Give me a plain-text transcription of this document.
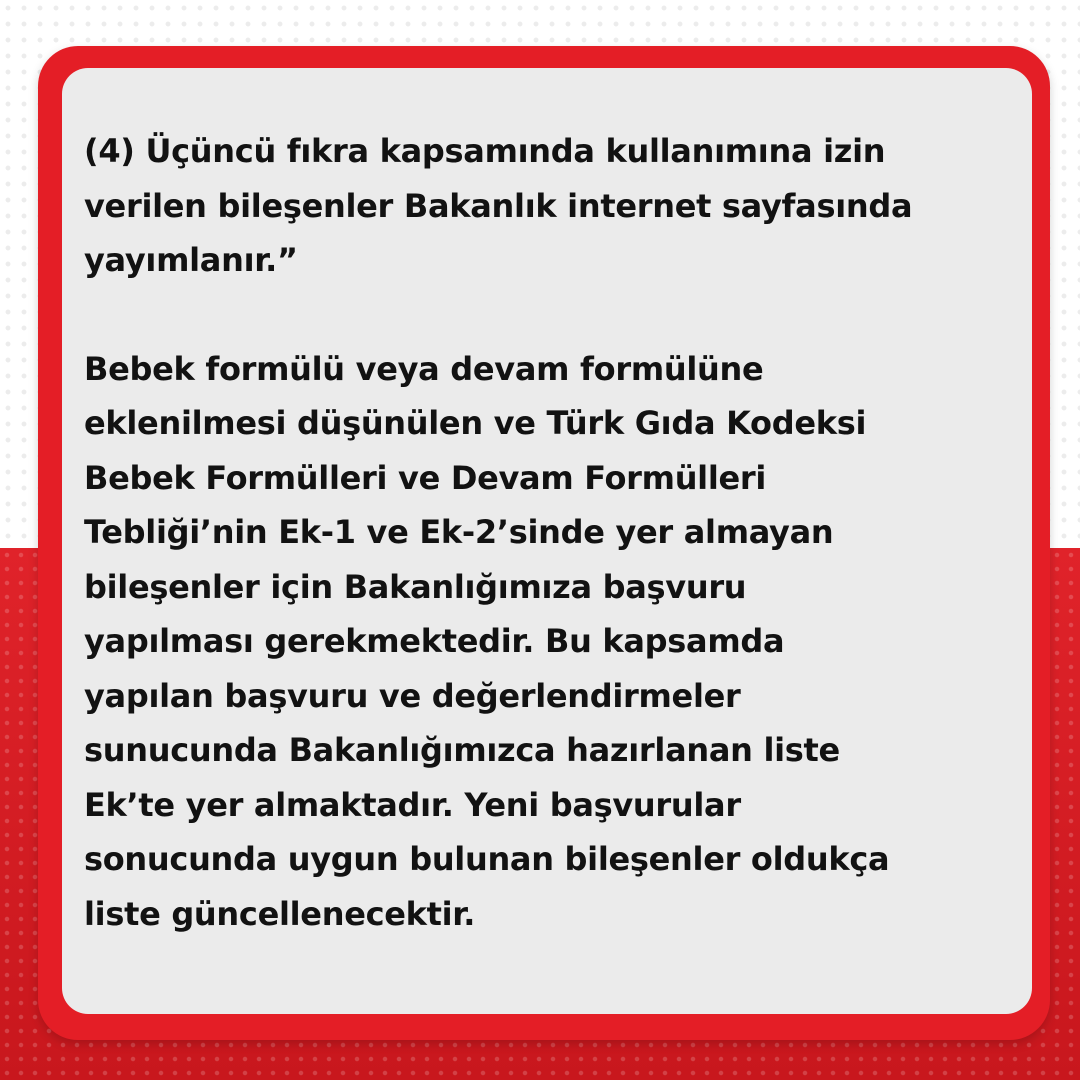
(4) Üçüncü fıkra kapsamında kullanımına izin
verilen bileşenler Bakanlık internet sayfasında
yayımlanır.”

Bebek formülü veya devam formülüne
eklenilmesi düşünülen ve Türk Gıda Kodeksi
Bebek Formülleri ve Devam Formülleri
Tebliği’nin Ek-1 ve Ek-2’sinde yer almayan
bileşenler için Bakanlığımıza başvuru
yapılması gerekmektedir. Bu kapsamda
yapılan başvuru ve değerlendirmeler
sunucunda Bakanlığımızca hazırlanan liste
Ek’te yer almaktadır. Yeni başvurular
sonucunda uygun bulunan bileşenler oldukça
liste güncellenecektir.
